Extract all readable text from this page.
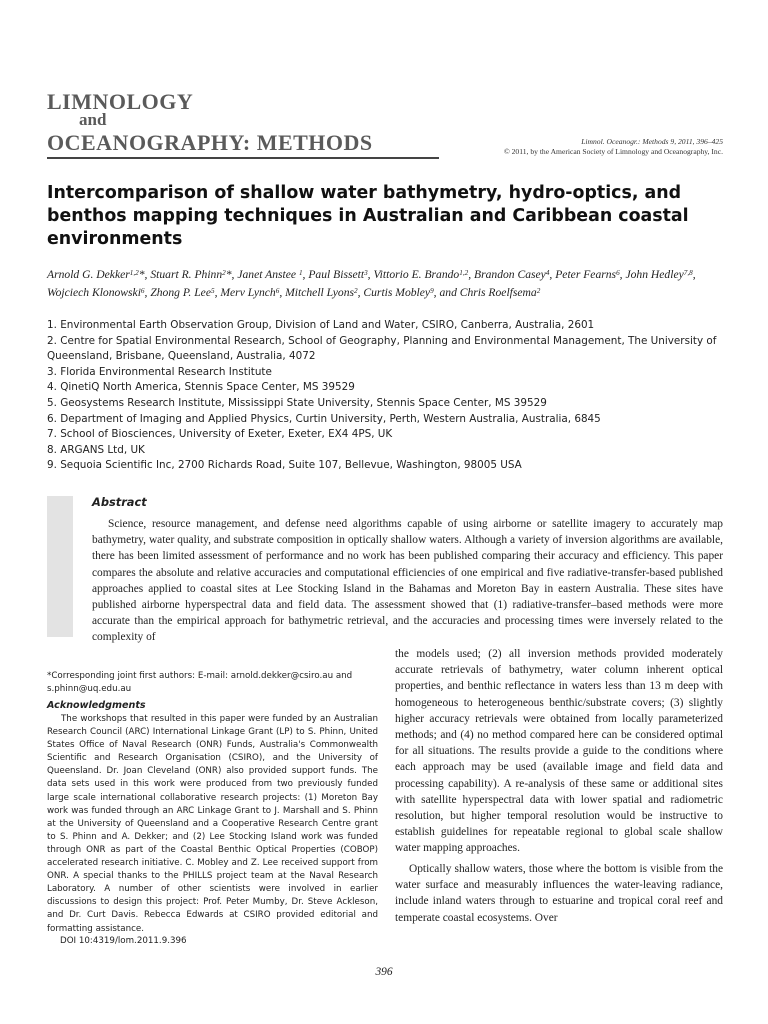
LIMNOLOGY
and
OCEANOGRAPHY: METHODS	Limnol. Oceanogr.: Methods 9, 2011, 396–425
© 2011, by the American Society of Limnology and Oceanography, Inc.
Intercomparison of shallow water bathymetry, hydro-optics, and benthos mapping techniques in Australian and Caribbean coastal environments
Arnold G. Dekker$^{1,2}$*, Stuart R. Phinn$^2$*, Janet Anstee $^1$, Paul Bissett$^3$, Vittorio E. Brando$^{1,2}$, Brandon Casey$^4$, Peter Fearns$^6$, John Hedley$^{7,8}$, Wojciech Klonowski$^6$, Zhong P. Lee$^5$, Merv Lynch$^6$, Mitchell Lyons$^2$, Curtis Mobley$^9$, and Chris Roelfsema$^2$
1. Environmental Earth Observation Group, Division of Land and Water, CSIRO, Canberra, Australia, 2601
2. Centre for Spatial Environmental Research, School of Geography, Planning and Environmental Management, The University of Queensland, Brisbane, Queensland, Australia, 4072
3. Florida Environmental Research Institute
4. QinetiQ North America, Stennis Space Center, MS 39529
5. Geosystems Research Institute, Mississippi State University, Stennis Space Center, MS 39529
6. Department of Imaging and Applied Physics, Curtin University, Perth, Western Australia, Australia, 6845
7. School of Biosciences, University of Exeter, Exeter, EX4 4PS, UK
8. ARGANS Ltd, UK
9. Sequoia Scientific Inc, 2700 Richards Road, Suite 107, Bellevue, Washington, 98005 USA
Abstract
Science, resource management, and defense need algorithms capable of using airborne or satellite imagery to accurately map bathymetry, water quality, and substrate composition in optically shallow waters. Although a variety of inversion algorithms are available, there has been limited assessment of performance and no work has been published comparing their accuracy and efficiency. This paper compares the absolute and relative accuracies and computational efficiencies of one empirical and five radiative-transfer-based published approaches applied to coastal sites at Lee Stocking Island in the Bahamas and Moreton Bay in eastern Australia. These sites have published airborne hyperspectral data and field data. The assessment showed that (1) radiative-transfer–based methods were more accurate than the empirical approach for bathymetric retrieval, and the accuracies and processing times were inversely related to the complexity of
the models used; (2) all inversion methods provided moderately accurate retrievals of bathymetry, water column inherent optical properties, and benthic reflectance in waters less than 13 m deep with homogeneous to heterogeneous benthic/substrate covers; (3) slightly higher accuracy retrievals were obtained from locally parameterized methods; and (4) no method compared here can be considered optimal for all situations. The results provide a guide to the conditions where each approach may be used (available image and field data and processing capability). A re-analysis of these same or additional sites with satellite hyperspectral data with lower spatial and radiometric resolution, but higher temporal resolution would be instructive to establish guidelines for repeatable regional to global scale shallow water mapping approaches.
*Corresponding joint first authors: E-mail: arnold.dekker@csiro.au and s.phinn@uq.edu.au
Acknowledgments
The workshops that resulted in this paper were funded by an Australian Research Council (ARC) International Linkage Grant (LP) to S. Phinn, United States Office of Naval Research (ONR) Funds, Australia's Commonwealth Scientific and Research Organisation (CSIRO), and the University of Queensland. Dr. Joan Cleveland (ONR) also provided support funds. The data sets used in this work were produced from two previously funded large scale international collaborative research projects: (1) Moreton Bay work was funded through an ARC Linkage Grant to J. Marshall and S. Phinn at the University of Queensland and a Cooperative Research Centre grant to S. Phinn and A. Dekker; and (2) Lee Stocking Island work was funded through ONR as part of the Coastal Benthic Optical Properties (COBOP) accelerated research initiative. C. Mobley and Z. Lee received support from ONR. A special thanks to the PHILLS project team at the Naval Research Laboratory. A number of other scientists were involved in earlier discussions to design this project: Prof. Peter Mumby, Dr. Steve Ackleson, and Dr. Curt Davis. Rebecca Edwards at CSIRO provided editorial and formatting assistance.
DOI 10:4319/lom.2011.9.396
Optically shallow waters, those where the bottom is visible from the water surface and measurably influences the water-leaving radiance, include inland waters through to estuarine and tropical coral reef and temperate coastal ecosystems. Over
396
